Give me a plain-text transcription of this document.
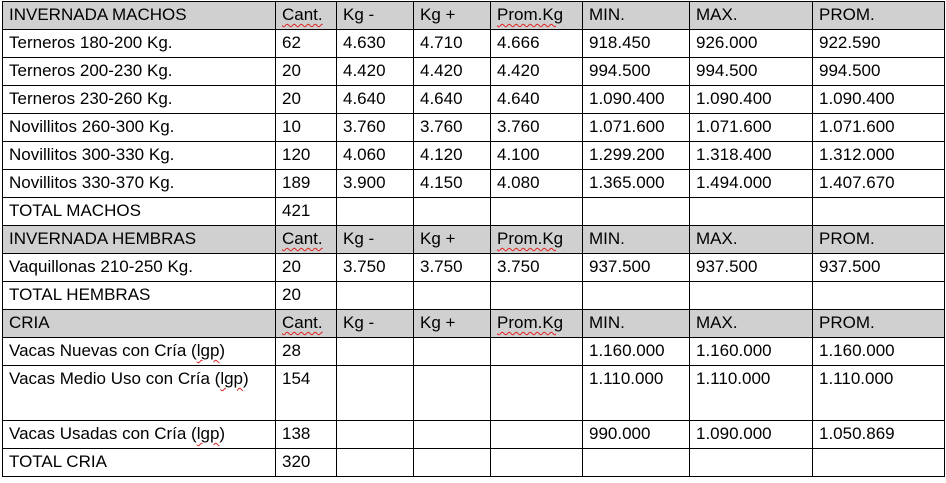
INVERNADA MACHOS	Cant.	Kg -	Kg +	Prom.Kg	MIN.	MAX.	PROM.
Terneros 180-200 Kg.	62	4.630	4.710	4.666	918.450	926.000	922.590
Terneros 200-230 Kg.	20	4.420	4.420	4.420	994.500	994.500	994.500
Terneros 230-260 Kg.	20	4.640	4.640	4.640	1.090.400	1.090.400	1.090.400
Novillitos 260-300 Kg.	10	3.760	3.760	3.760	1.071.600	1.071.600	1.071.600
Novillitos 300-330 Kg.	120	4.060	4.120	4.100	1.299.200	1.318.400	1.312.000
Novillitos 330-370 Kg.	189	3.900	4.150	4.080	1.365.000	1.494.000	1.407.670
TOTAL MACHOS	421						
INVERNADA HEMBRAS	Cant.	Kg -	Kg +	Prom.Kg	MIN.	MAX.	PROM.
Vaquillonas 210-250 Kg.	20	3.750	3.750	3.750	937.500	937.500	937.500
TOTAL HEMBRAS	20						
CRIA	Cant.	Kg -	Kg +	Prom.Kg	MIN.	MAX.	PROM.
Vacas Nuevas con Cría (lgp)	28				1.160.000	1.160.000	1.160.000
Vacas Medio Uso con Cría (lgp)	154				1.110.000	1.110.000	1.110.000
Vacas Usadas con Cría (lgp)	138				990.000	1.090.000	1.050.869
TOTAL CRIA	320						
